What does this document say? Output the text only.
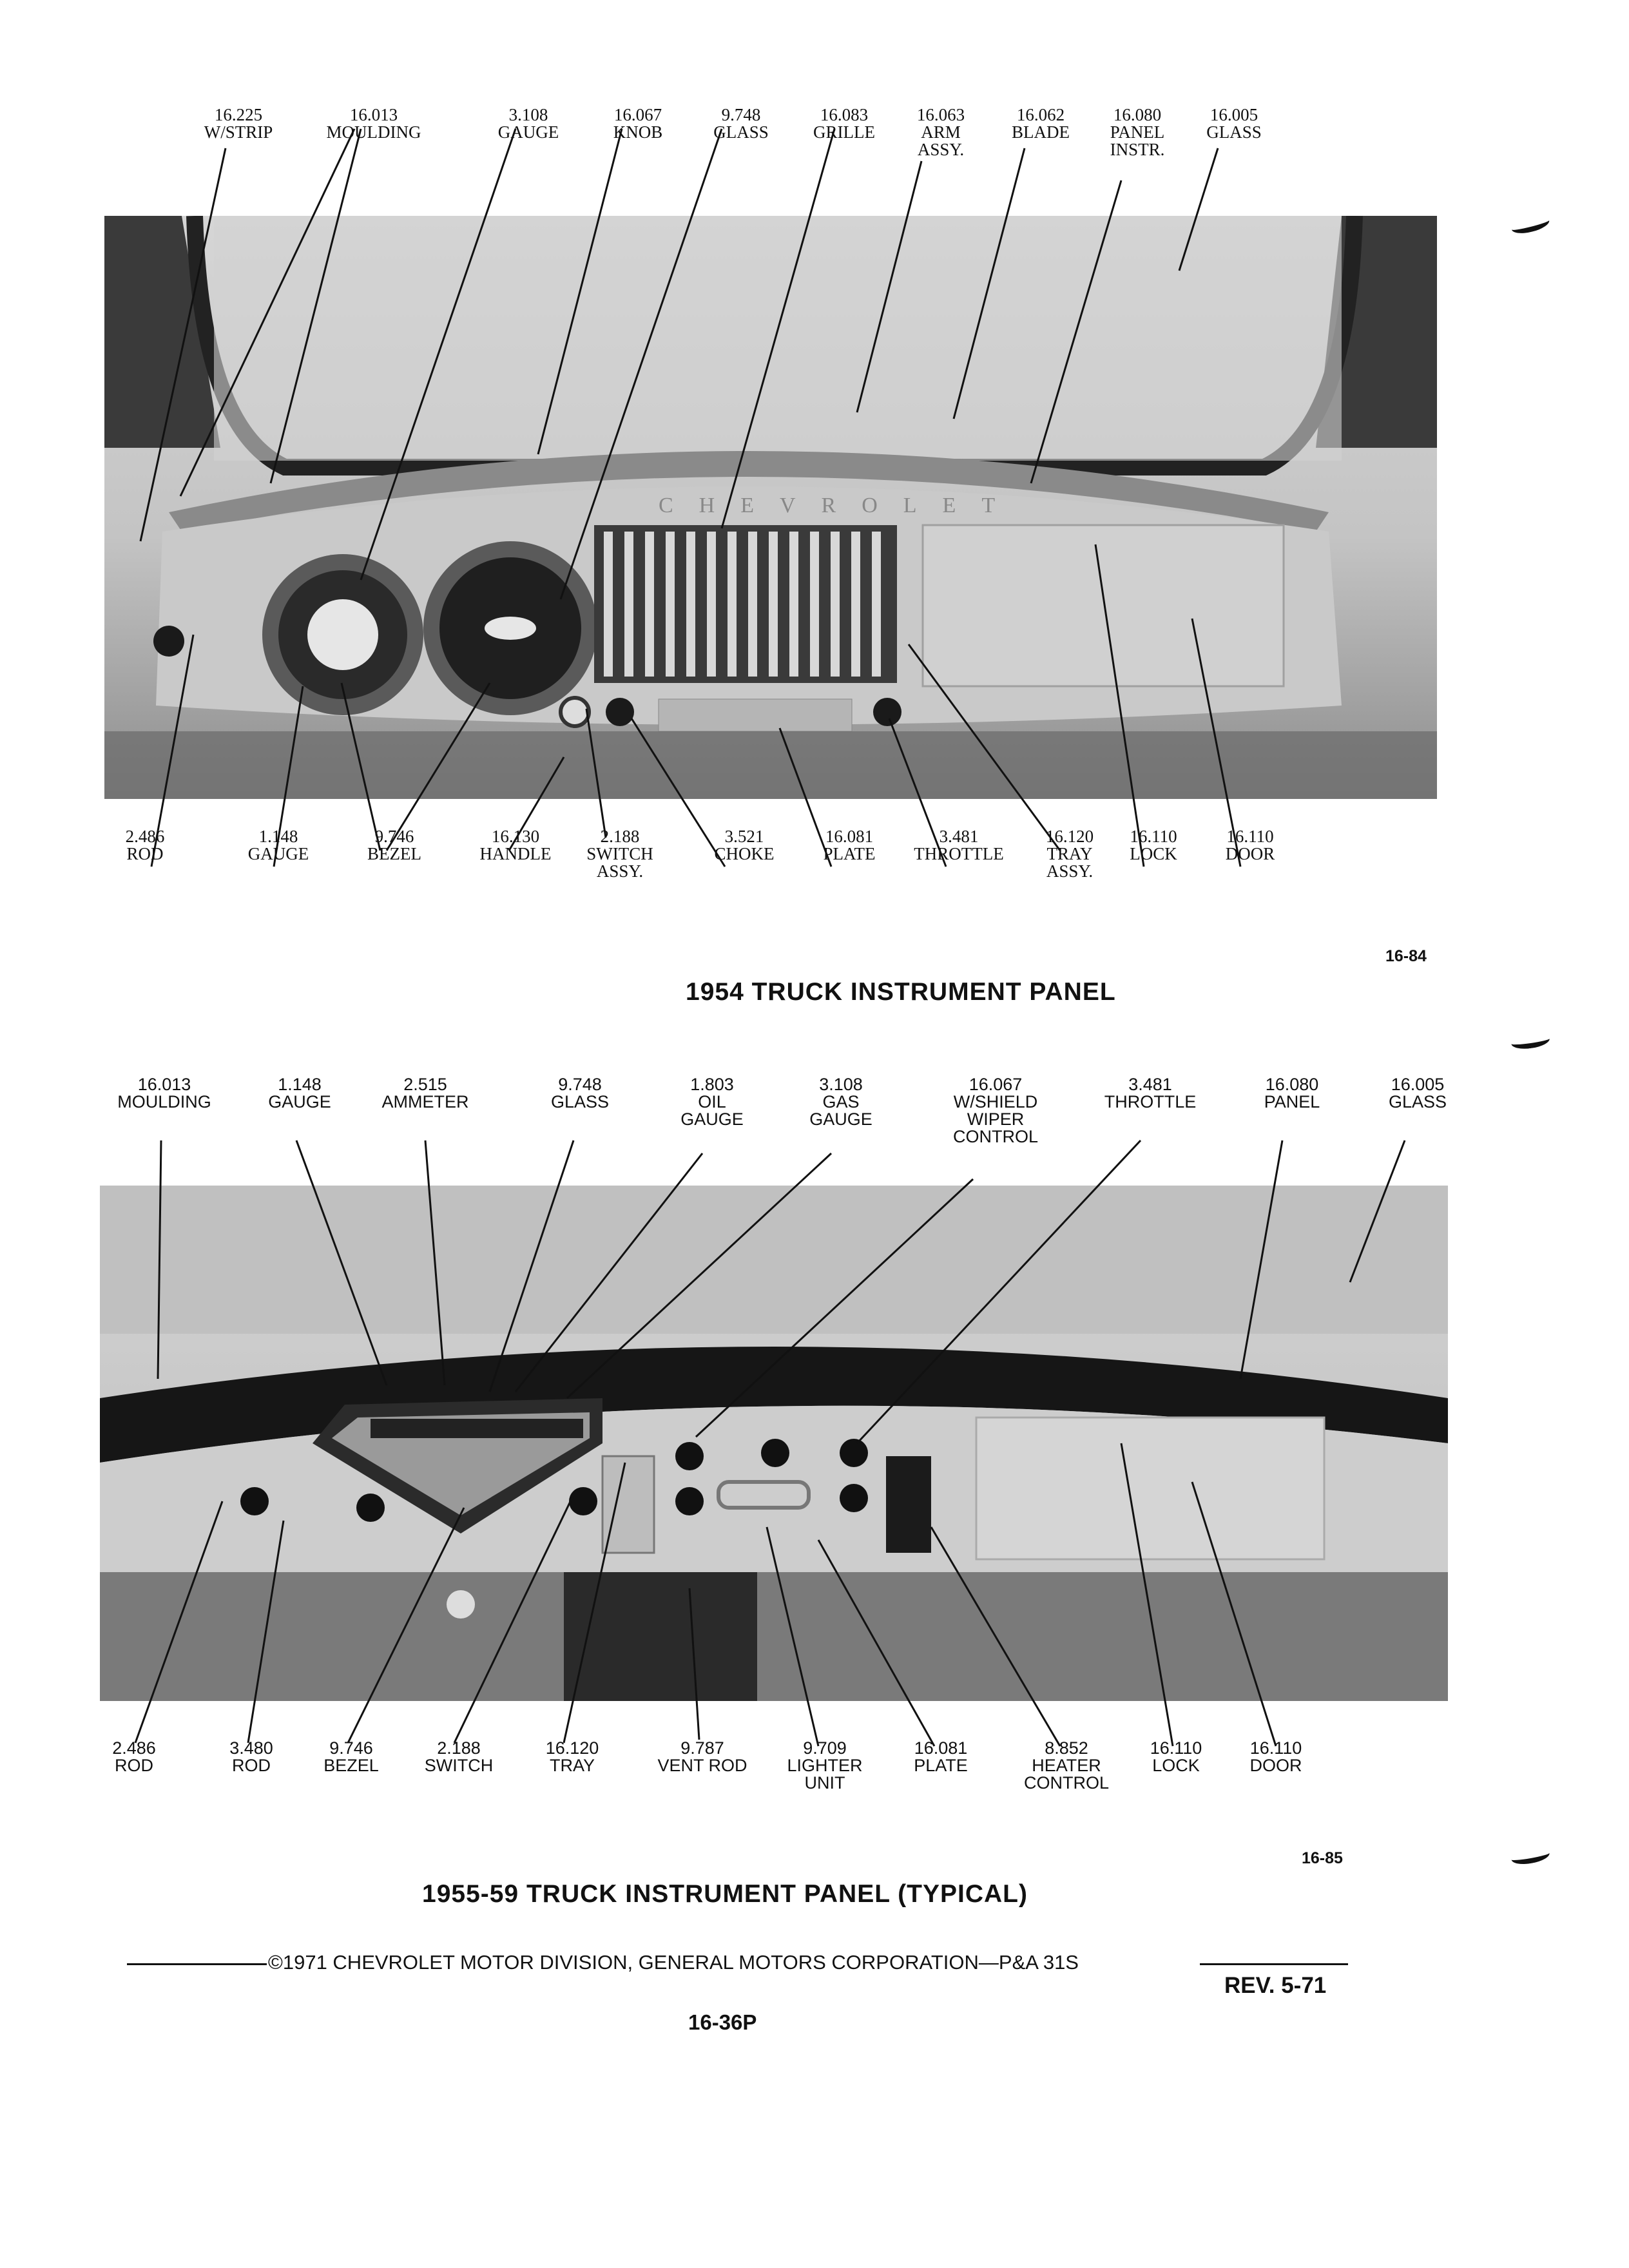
16.225
W/STRIP
16.013
MOULDING
3.108
GAUGE
16.067
KNOB
9.748
GLASS
16.083
GRILLE
16.063
ARM
ASSY.
16.062
BLADE
16.080
PANEL
INSTR.
16.005
GLASS
CHEVROLET
2.486
ROD
1.148
GAUGE
9.746
BEZEL
16.130
HANDLE
2.188
SWITCH
ASSY.
3.521
CHOKE
16.081
PLATE
3.481
THROTTLE
16.120
TRAY
ASSY.
16.110
LOCK
16.110
DOOR
16-84
1954 TRUCK INSTRUMENT PANEL
16.013
MOULDING
1.148
GAUGE
2.515
AMMETER
9.748
GLASS
1.803
OIL
GAUGE
3.108
GAS
GAUGE
16.067
W/SHIELD
WIPER
CONTROL
3.481
THROTTLE
16.080
PANEL
16.005
GLASS
2.486
ROD
3.480
ROD
9.746
BEZEL
2.188
SWITCH
16.120
TRAY
9.787
VENT ROD
9.709
LIGHTER
UNIT
16.081
PLATE
8.852
HEATER
CONTROL
16.110
LOCK
16.110
DOOR
16-85
1955-59 TRUCK INSTRUMENT PANEL (TYPICAL)
©1971 CHEVROLET MOTOR DIVISION, GENERAL MOTORS CORPORATION—P&A 31S
REV. 5-71
16-36P
